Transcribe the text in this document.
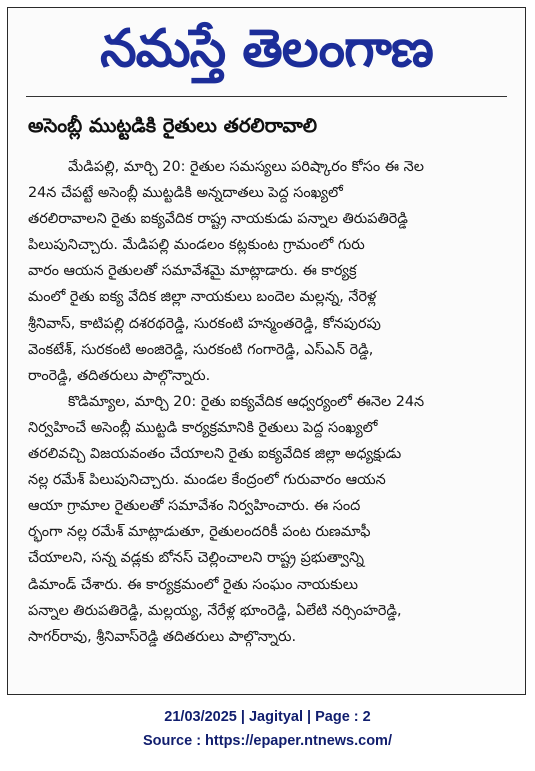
నమస్తే తెలంగాణ
అసెంబ్లీ ముట్టడికి రైతులు తరలిరావాలి
మేడిపల్లి, మార్చి 20: రైతుల సమస్యలు పరిష్కారం కోసం ఈ నెల
24న చేపట్టే అసెంబ్లీ ముట్టడికి అన్నదాతలు పెద్ద సంఖ్యలో
తరలిరావాలని రైతు ఐక్యవేదిక రాష్ట్ర నాయకుడు పన్నాల తిరుపతిరెడ్డి
పిలుపునిచ్చారు. మేడిపల్లి మండలం కట్లకుంట గ్రామంలో గురు
వారం ఆయన రైతులతో సమావేశమై మాట్లాడారు. ఈ కార్యక్ర
మంలో రైతు ఐక్య వేదిక జిల్లా నాయకులు బందెల మల్లన్న, నేరెళ్ల
శ్రీనివాస్, కాటిపల్లి దశరథరెడ్డి, సురకంటి హన్మంతరెడ్డి, కోనపురపు
వెంకటేశ్, సురకంటి అంజిరెడ్డి, సురకంటి గంగారెడ్డి, ఎస్ఎన్ రెడ్డి,
రాంరెడ్డి, తదితరులు పాల్గొన్నారు.
కొడిమ్యాల, మార్చి 20: రైతు ఐక్యవేదిక ఆధ్వర్యంలో ఈనెల 24న
నిర్వహించే అసెంబ్లీ ముట్టడి కార్యక్రమానికి రైతులు పెద్ద సంఖ్యలో
తరలివచ్చి విజయవంతం చేయాలని రైతు ఐక్యవేదిక జిల్లా అధ్యక్షుడు
నల్ల రమేశ్ పిలుపునిచ్చారు. మండల కేంద్రంలో గురువారం ఆయన
ఆయా గ్రామాల రైతులతో సమావేశం నిర్వహించారు. ఈ సంద
ర్భంగా నల్ల రమేశ్ మాట్లాడుతూ, రైతులందరికీ పంట రుణమాఫీ
చేయాలని, సన్న వడ్లకు బోనస్ చెల్లించాలని రాష్ట్ర ప్రభుత్వాన్ని
డిమాండ్ చేశారు. ఈ కార్యక్రమంలో రైతు సంఘం నాయకులు
పన్నాల తిరుపతిరెడ్డి, మల్లయ్య, నేరేళ్ల భూంరెడ్డి, ఏలేటి నర్సింహరెడ్డి,
సాగర్‌రావు, శ్రీనివాస్‌రెడ్డి తదితరులు పాల్గొన్నారు.
21/03/2025 | Jagityal | Page : 2
Source : https://epaper.ntnews.com/
